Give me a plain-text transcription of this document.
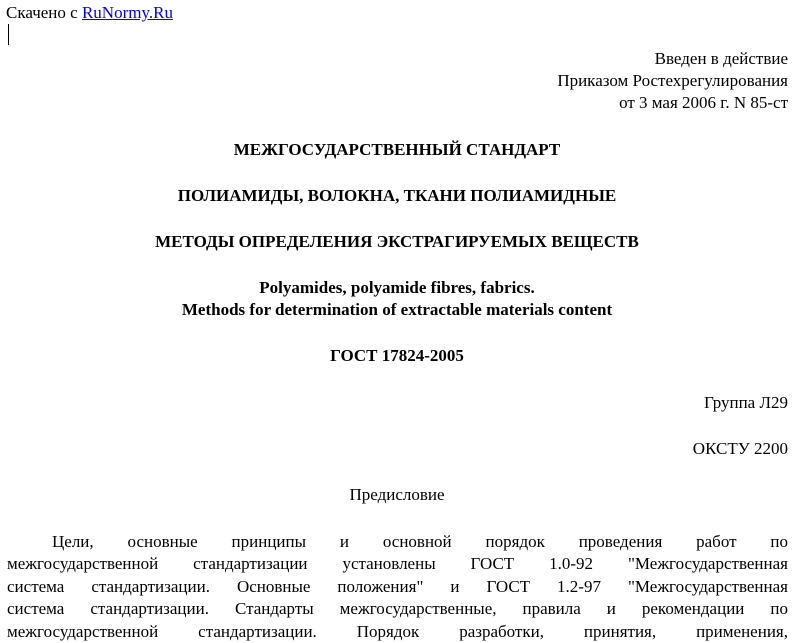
Скачено с RuNormy.Ru
Введен в действие
Приказом Ростехрегулирования
от 3 мая 2006 г. N 85-ст
МЕЖГОСУДАРСТВЕННЫЙ СТАНДАРТ
ПОЛИАМИДЫ, ВОЛОКНА, ТКАНИ ПОЛИАМИДНЫЕ
МЕТОДЫ ОПРЕДЕЛЕНИЯ ЭКСТРАГИРУЕМЫХ ВЕЩЕСТВ
Polyamides, polyamide fibres, fabrics.
Methods for determination of extractable materials content
ГОСТ 17824-2005
Группа Л29
ОКСТУ 2200
Предисловие
Цели, основные принципы и основной порядок проведения работ по
межгосударственной стандартизации установлены ГОСТ 1.0-92 "Межгосударственная
система стандартизации. Основные положения" и ГОСТ 1.2-97 "Межгосударственная
система стандартизации. Стандарты межгосударственные, правила и рекомендации по
межгосударственной стандартизации. Порядок разработки, принятия, применения,
